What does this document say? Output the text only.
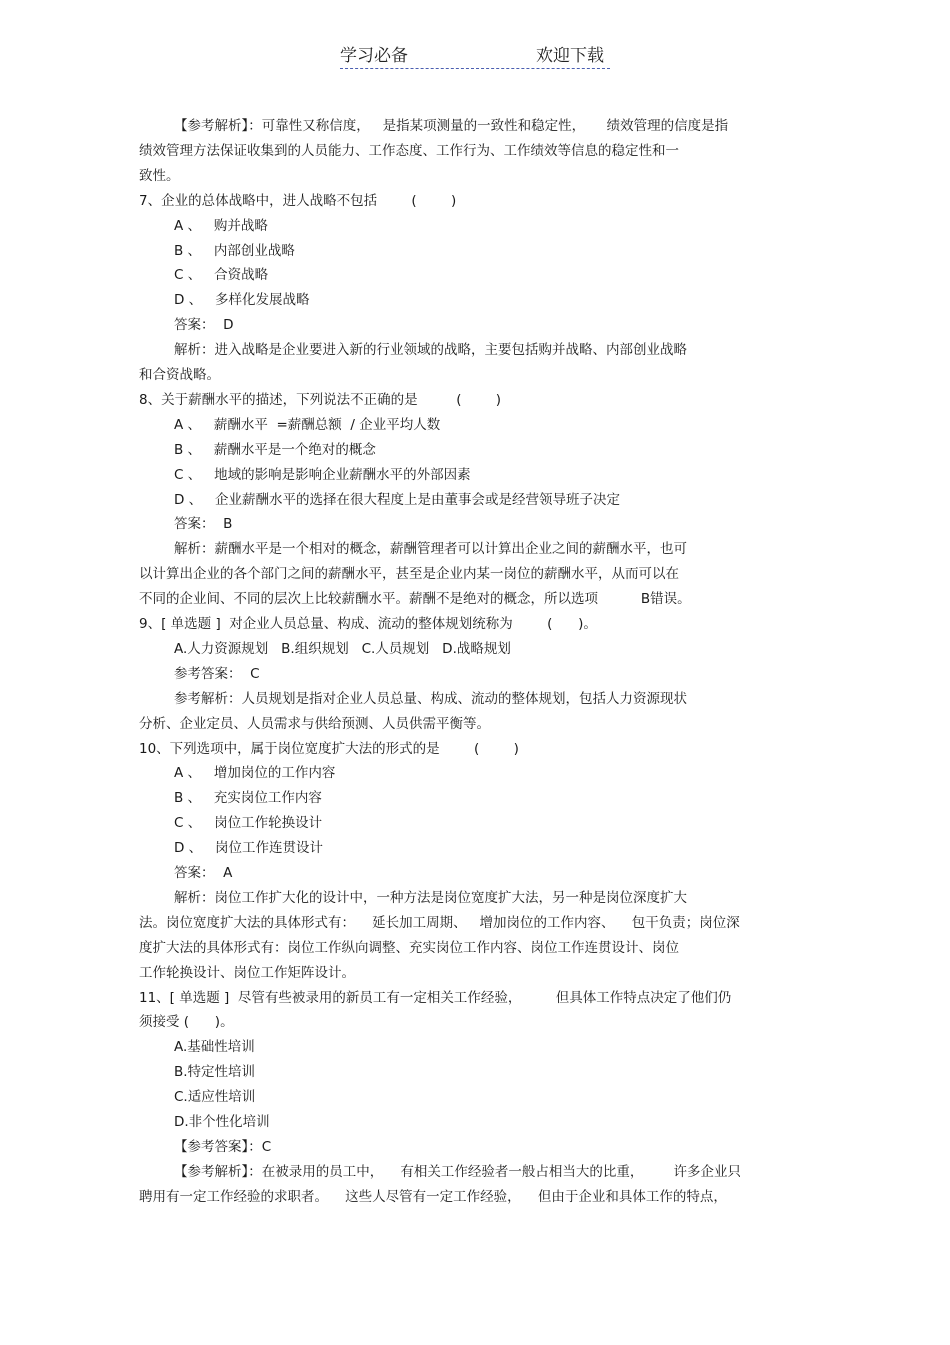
学习必备	欢迎下载
【参考解析】：可靠性又称信度，   是指某项测量的一致性和稳定性，     绩效管理的信度是指
绩效管理方法保证收集到的人员能力、工作态度、工作行为、工作绩效等信息的稳定性和一
致性。
7、企业的总体战略中，进人战略不包括        (        )
A 、   购并战略
B 、   内部创业战略
C 、   合资战略
D 、   多样化发展战略
答案：  D
解析：进入战略是企业要进入新的行业领域的战略，主要包括购并战略、内部创业战略
和合资战略。
8、关于薪酬水平的描述，下列说法不正确的是         (        )
A 、   薪酬水平  =薪酬总额  / 企业平均人数
B 、   薪酬水平是一个绝对的概念
C 、   地域的影响是影响企业薪酬水平的外部因素
D 、   企业薪酬水平的选择在很大程度上是由董事会或是经营领导班子决定
答案：  B
解析：薪酬水平是一个相对的概念，薪酬管理者可以计算出企业之间的薪酬水平，也可
以计算出企业的各个部门之间的薪酬水平，甚至是企业内某一岗位的薪酬水平，从而可以在
不同的企业间、不同的层次上比较薪酬水平。薪酬不是绝对的概念，所以选项          B错误。
9、[ 单选题 ]  对企业人员总量、构成、流动的整体规划统称为        (      )。
A.人力资源规划   B.组织规划   C.人员规划   D.战略规划
参考答案：  C
参考解析：人员规划是指对企业人员总量、构成、流动的整体规划，包括人力资源现状
分析、企业定员、人员需求与供给预测、人员供需平衡等。
10、下列选项中，属于岗位宽度扩大法的形式的是        (        )
A 、   增加岗位的工作内容
B 、   充实岗位工作内容
C 、   岗位工作轮换设计
D 、   岗位工作连贯设计
答案：  A
解析：岗位工作扩大化的设计中，一种方法是岗位宽度扩大法，另一种是岗位深度扩大
法。岗位宽度扩大法的具体形式有：    延长加工周期、   增加岗位的工作内容、    包干负责；岗位深
度扩大法的具体形式有：岗位工作纵向调整、充实岗位工作内容、岗位工作连贯设计、岗位
工作轮换设计、岗位工作矩阵设计。
11、[ 单选题 ]  尽管有些被录用的新员工有一定相关工作经验，        但具体工作特点决定了他们仍
须接受 (      )。
A.基础性培训
B.特定性培训
C.适应性培训
D.非个性化培训
【参考答案】：C
【参考解析】：在被录用的员工中，    有相关工作经验者一般占相当大的比重，       许多企业只
聘用有一定工作经验的求职者。    这些人尽管有一定工作经验，    但由于企业和具体工作的特点，
